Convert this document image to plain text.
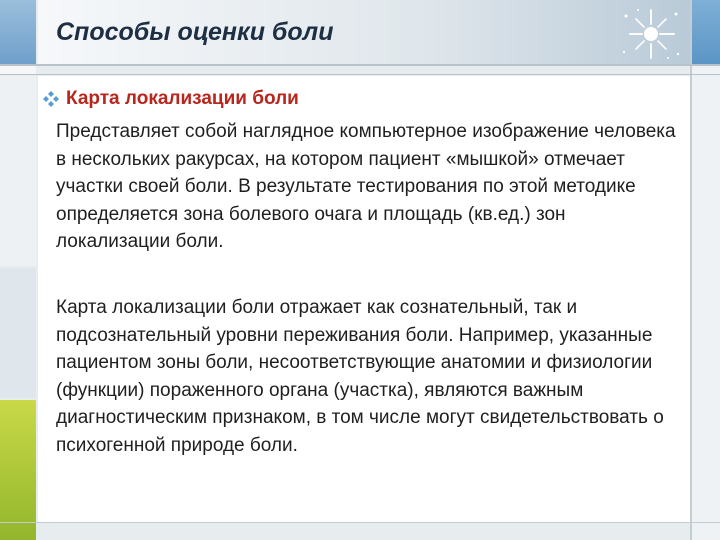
Способы оценки боли
Карта локализации боли

Представляет собой наглядное компьютерное изображение человека в нескольких ракурсах, на котором пациент «мышкой» отмечает участки своей боли. В результате тестирования по этой методике определяется зона болевого очага и площадь (кв.ед.) зон локализации боли.

Карта локализации боли отражает как сознательный, так и подсознательный уровни переживания боли. Например, указанные пациентом зоны боли, несоответствующие анатомии и физиологии (функции) пораженного органа (участка), являются важным диагностическим признаком, в том числе могут свидетельствовать о психогенной природе боли.
